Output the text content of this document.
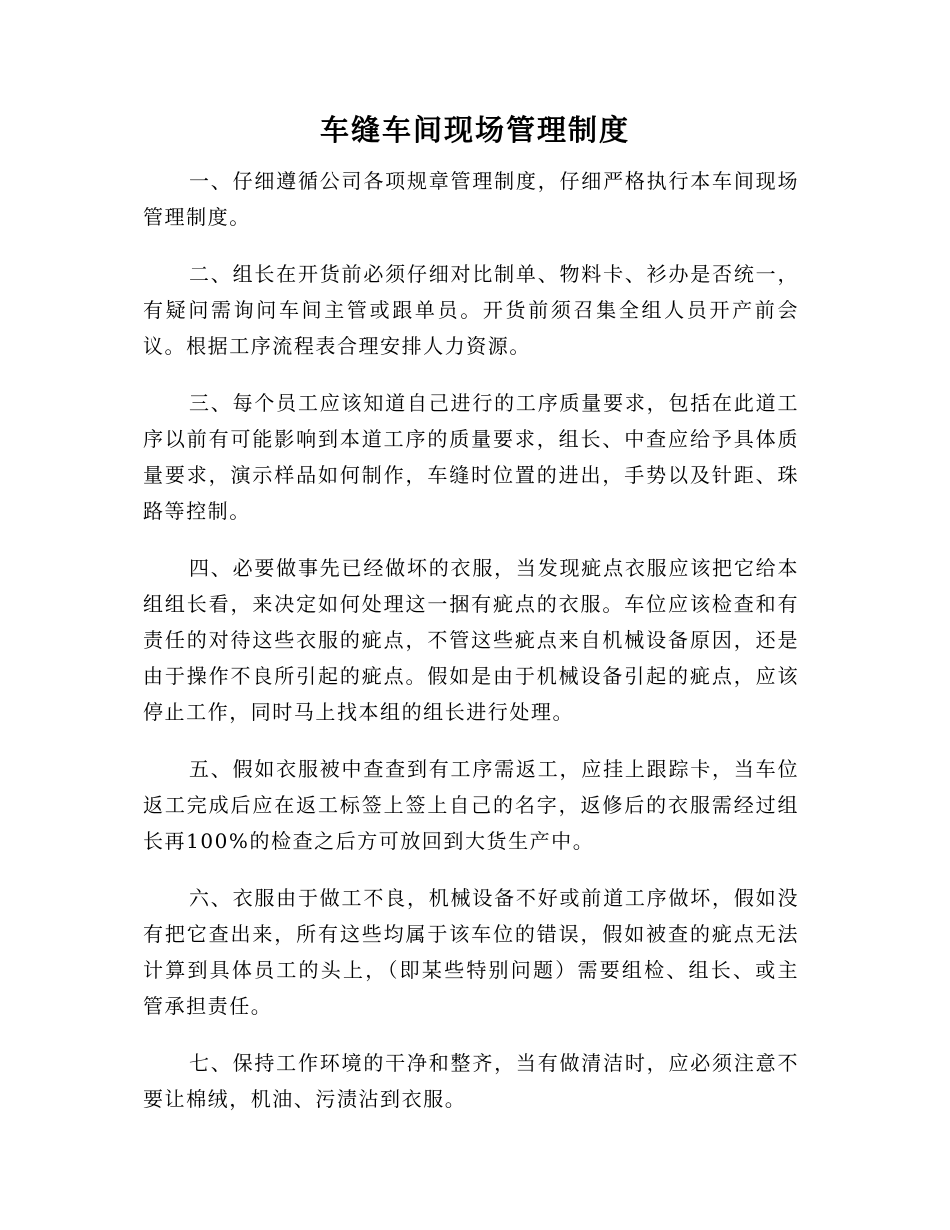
车缝车间现场管理制度

一、仔细遵循公司各项规章管理制度，仔细严格执行本车间现场管理制度。

二、组长在开货前必须仔细对比制单、物料卡、衫办是否统一，有疑问需询问车间主管或跟单员。开货前须召集全组人员开产前会议。根据工序流程表合理安排人力资源。

三、每个员工应该知道自己进行的工序质量要求，包括在此道工序以前有可能影响到本道工序的质量要求，组长、中查应给予具体质量要求，演示样品如何制作，车缝时位置的进出，手势以及针距、珠路等控制。

四、必要做事先已经做坏的衣服，当发现疵点衣服应该把它给本组组长看，来决定如何处理这一捆有疵点的衣服。车位应该检查和有责任的对待这些衣服的疵点，不管这些疵点来自机械设备原因，还是由于操作不良所引起的疵点。假如是由于机械设备引起的疵点，应该停止工作，同时马上找本组的组长进行处理。

五、假如衣服被中查查到有工序需返工，应挂上跟踪卡，当车位返工完成后应在返工标签上签上自己的名字，返修后的衣服需经过组长再100%的检查之后方可放回到大货生产中。

六、衣服由于做工不良，机械设备不好或前道工序做坏，假如没有把它查出来，所有这些均属于该车位的错误，假如被查的疵点无法计算到具体员工的头上，（即某些特别问题）需要组检、组长、或主管承担责任。

七、保持工作环境的干净和整齐，当有做清洁时，应必须注意不要让棉绒，机油、污渍沾到衣服。
